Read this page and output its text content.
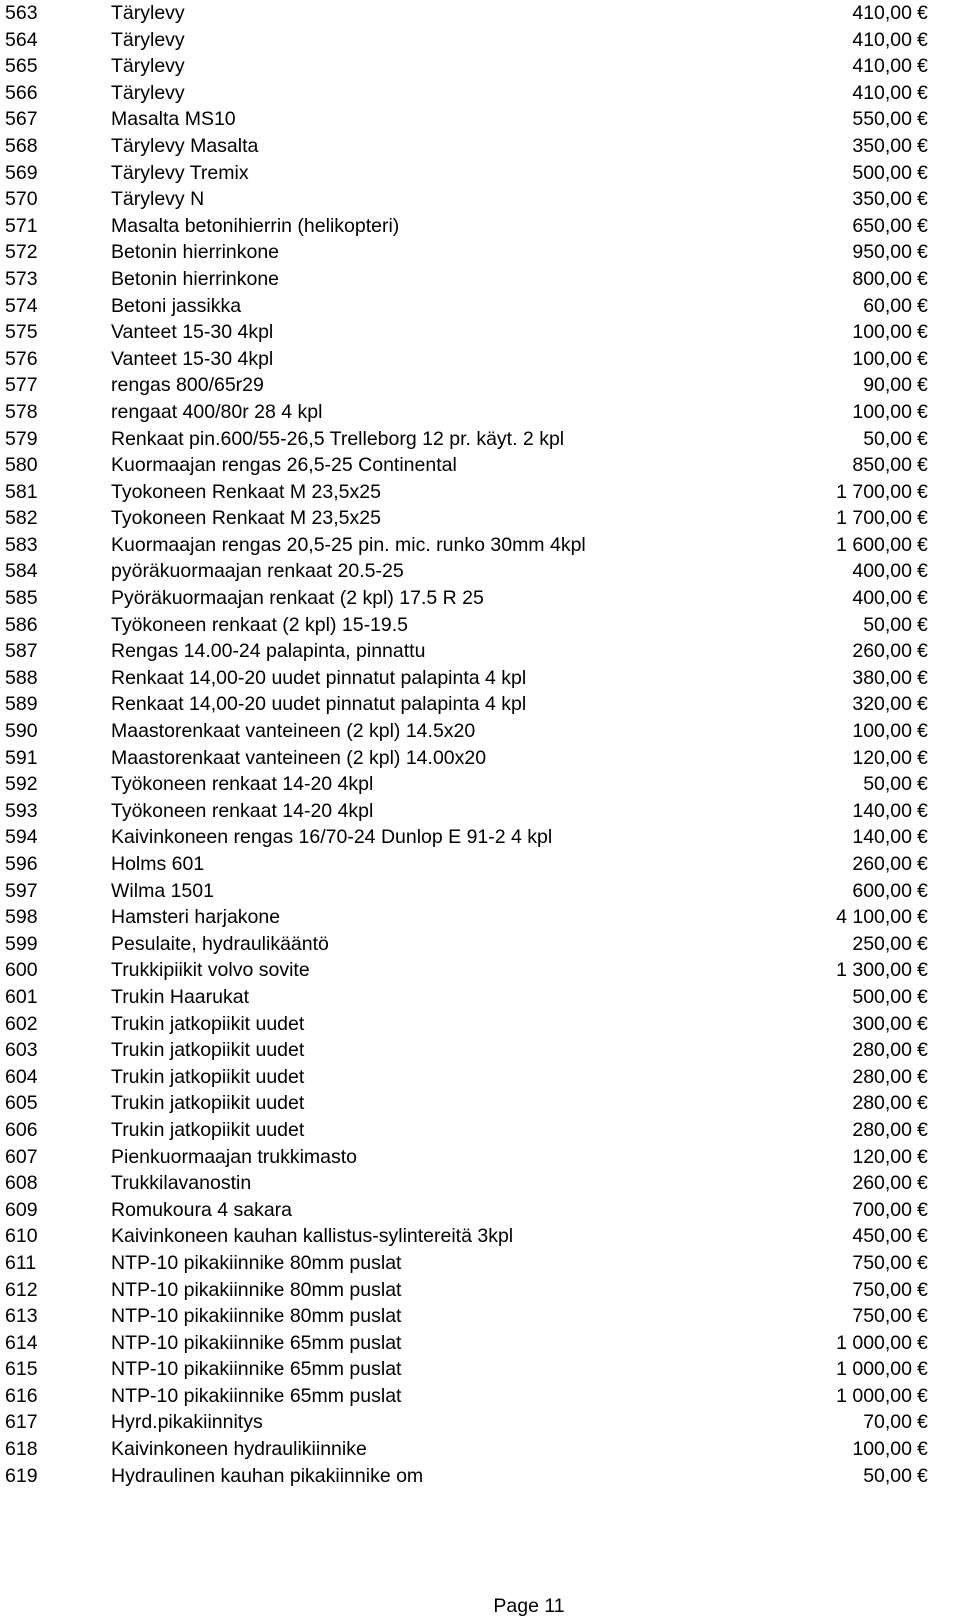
563	Tärylevy	410,00 €
564	Tärylevy	410,00 €
565	Tärylevy	410,00 €
566	Tärylevy	410,00 €
567	Masalta MS10	550,00 €
568	Tärylevy Masalta	350,00 €
569	Tärylevy Tremix	500,00 €
570	Tärylevy N	350,00 €
571	Masalta betonihierrin (helikopteri)	650,00 €
572	Betonin hierrinkone	950,00 €
573	Betonin hierrinkone	800,00 €
574	Betoni jassikka	60,00 €
575	Vanteet 15-30 4kpl	100,00 €
576	Vanteet 15-30 4kpl	100,00 €
577	rengas 800/65r29	90,00 €
578	rengaat 400/80r 28 4 kpl	100,00 €
579	Renkaat pin.600/55-26,5 Trelleborg 12 pr. käyt. 2 kpl	50,00 €
580	Kuormaajan rengas 26,5-25 Continental	850,00 €
581	Tyokoneen Renkaat M 23,5x25	1 700,00 €
582	Tyokoneen Renkaat M 23,5x25	1 700,00 €
583	Kuormaajan rengas 20,5-25 pin. mic. runko 30mm 4kpl	1 600,00 €
584	pyöräkuormaajan renkaat 20.5-25	400,00 €
585	Pyöräkuormaajan renkaat (2 kpl) 17.5 R 25	400,00 €
586	Työkoneen renkaat (2 kpl) 15-19.5	50,00 €
587	Rengas 14.00-24 palapinta, pinnattu	260,00 €
588	Renkaat 14,00-20 uudet pinnatut palapinta 4 kpl	380,00 €
589	Renkaat 14,00-20 uudet pinnatut palapinta 4 kpl	320,00 €
590	Maastorenkaat vanteineen (2 kpl) 14.5x20	100,00 €
591	Maastorenkaat vanteineen (2 kpl) 14.00x20	120,00 €
592	Työkoneen renkaat 14-20 4kpl	50,00 €
593	Työkoneen renkaat 14-20 4kpl	140,00 €
594	Kaivinkoneen rengas 16/70-24 Dunlop E 91-2 4 kpl	140,00 €
596	Holms 601	260,00 €
597	Wilma 1501	600,00 €
598	Hamsteri harjakone	4 100,00 €
599	Pesulaite, hydraulikääntö	250,00 €
600	Trukkipiikit volvo sovite	1 300,00 €
601	Trukin Haarukat	500,00 €
602	Trukin jatkopiikit uudet	300,00 €
603	Trukin jatkopiikit uudet	280,00 €
604	Trukin jatkopiikit uudet	280,00 €
605	Trukin jatkopiikit uudet	280,00 €
606	Trukin jatkopiikit uudet	280,00 €
607	Pienkuormaajan trukkimasto	120,00 €
608	Trukkilavanostin	260,00 €
609	Romukoura 4 sakara	700,00 €
610	Kaivinkoneen kauhan kallistus-sylintereitä 3kpl	450,00 €
611	NTP-10 pikakiinnike 80mm puslat	750,00 €
612	NTP-10 pikakiinnike 80mm puslat	750,00 €
613	NTP-10 pikakiinnike 80mm puslat	750,00 €
614	NTP-10 pikakiinnike 65mm puslat	1 000,00 €
615	NTP-10 pikakiinnike 65mm puslat	1 000,00 €
616	NTP-10 pikakiinnike 65mm puslat	1 000,00 €
617	Hyrd.pikakiinnitys	70,00 €
618	Kaivinkoneen hydraulikiinnike	100,00 €
619	Hydraulinen kauhan pikakiinnike om	50,00 €
Page 11
